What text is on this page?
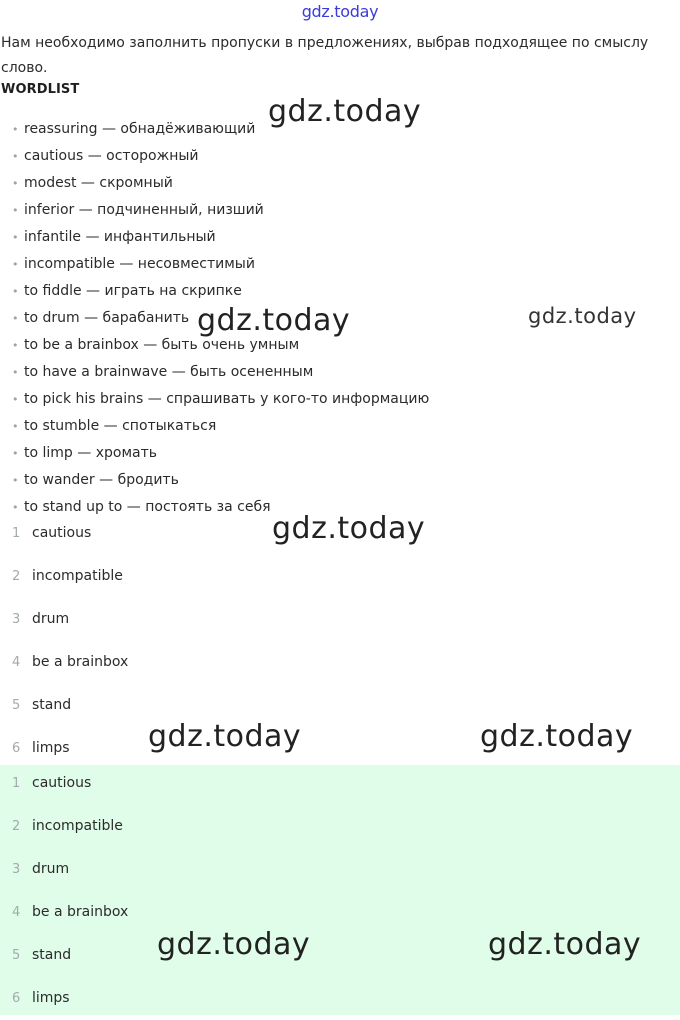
gdz.today
Нам необходимо заполнить пропуски в предложениях, выбрав подходящее по смыслу слово.
WORDLIST
• reassuring — обнадёживающий
• cautious — осторожный
• modest — скромный
• inferior — подчиненный, низший
• infantile — инфантильный
• incompatible — несовместимый
• to fiddle — играть на скрипке
• to drum — барабанить
• to be a brainbox — быть очень умным
• to have a brainwave — быть осененным
• to pick his brains — спрашивать у кого-то информацию
• to stumble — спотыкаться
• to limp — хромать
• to wander — бродить
• to stand up to — постоять за себя
1 cautious
2 incompatible
3 drum
4 be a brainbox
5 stand
6 limps
1 cautious
2 incompatible
3 drum
4 be a brainbox
5 stand
6 limps
gdz.today
gdz.today	gdz.today
gdz.today
gdz.today	gdz.today
gdz.today	gdz.today
